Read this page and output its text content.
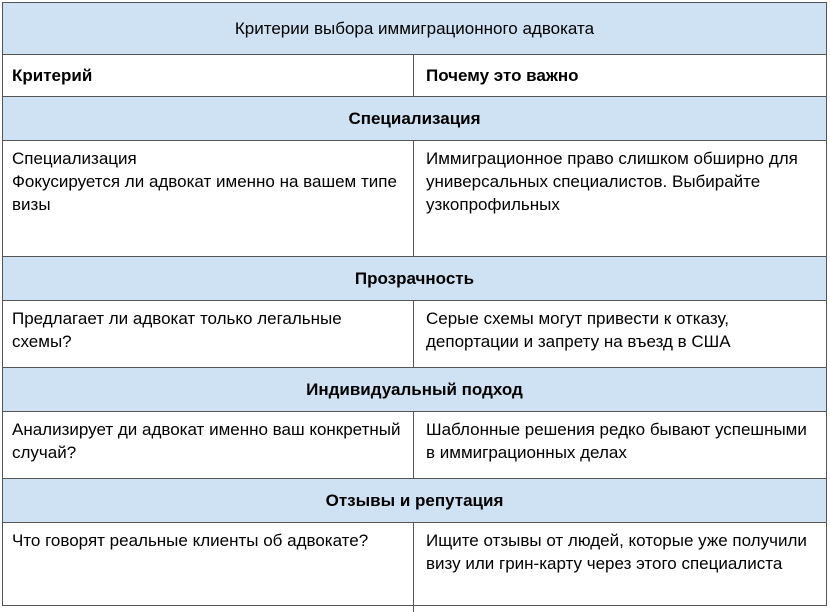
Критерии выбора иммиграционного адвоката
Критерий	Почему это важно
Специализация
Специализация
Фокусируется ли адвокат именно на вашем типе визы
Иммиграционное право слишком обширно для универсальных специалистов. Выбирайте узкопрофильных
Прозрачность
Предлагает ли адвокат только легальные схемы?
Серые схемы могут привести к отказу, депортации и запрету на въезд в США
Индивидуальный подход
Анализирует ди адвокат именно ваш конкретный случай?
Шаблонные решения редко бывают успешными в иммиграционных делах
Отзывы и репутация
Что говорят реальные клиенты об адвокате?	Ищите отзывы от людей, которые уже получили визу или грин-карту через этого специалиста
